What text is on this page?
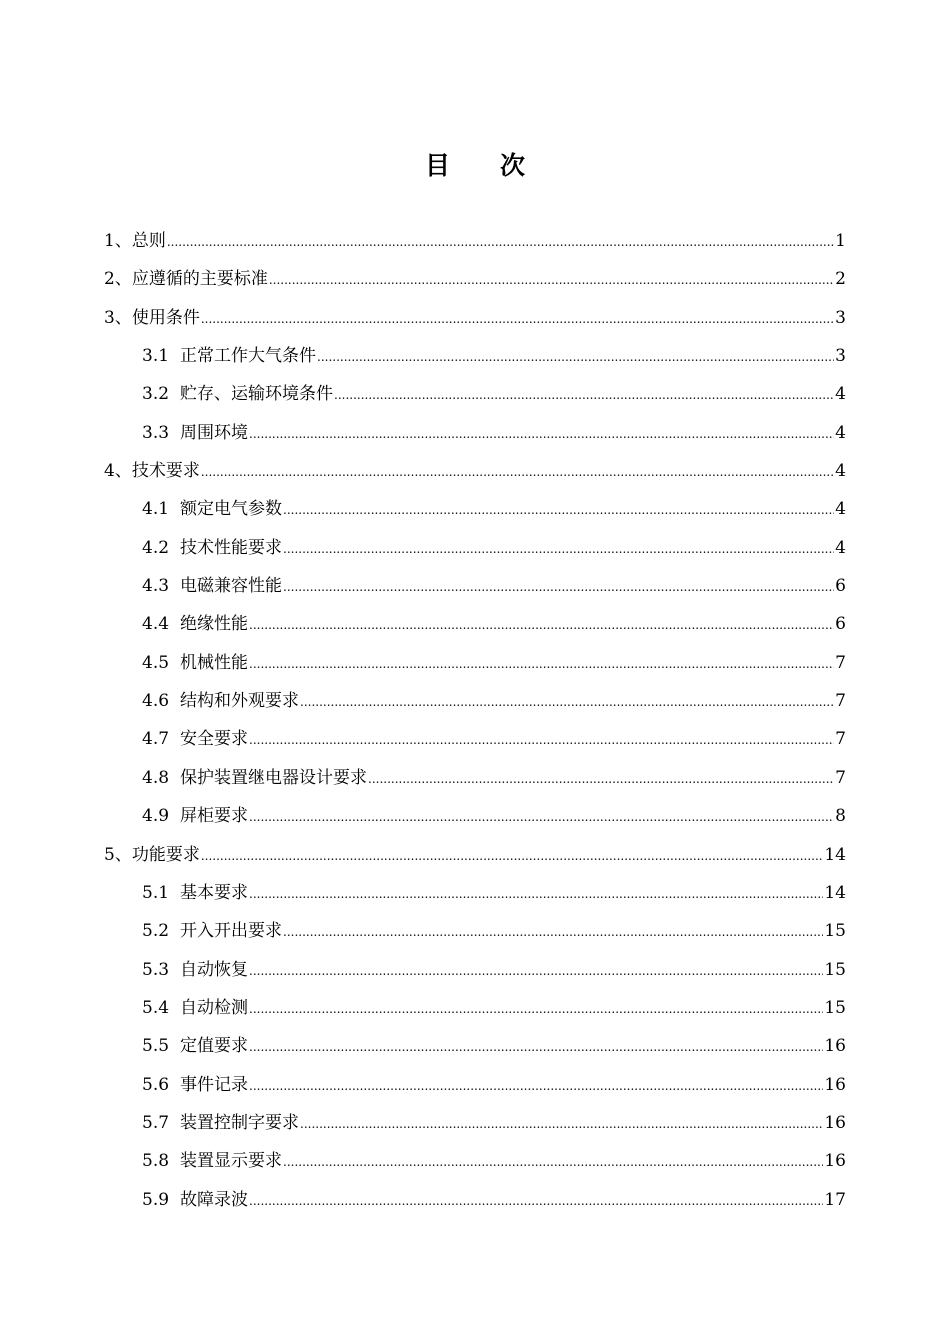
目 次
1、 总则 .....	1
2、 应遵循的主要标准 .....	2
3、 使用条件 .....	3
3.1 正常工作大气条件 .....	3
3.2 贮存、运输环境条件 .....	4
3.3 周围环境 .....	4
4、 技术要求 .....	4
4.1 额定电气参数 .....	4
4.2 技术性能要求 .....	4
4.3 电磁兼容性能 .....	6
4.4 绝缘性能 .....	6
4.5 机械性能 .....	7
4.6 结构和外观要求 .....	7
4.7 安全要求 .....	7
4.8 保护装置继电器设计要求 .....	7
4.9 屏柜要求 .....	8
5、 功能要求 .....	14
5.1 基本要求 .....	14
5.2 开入开出要求 .....	15
5.3 自动恢复 .....	15
5.4 自动检测 .....	15
5.5 定值要求 .....	16
5.6 事件记录 .....	16
5.7 装置控制字要求 .....	16
5.8 装置显示要求 .....	16
5.9 故障录波 .....	17
